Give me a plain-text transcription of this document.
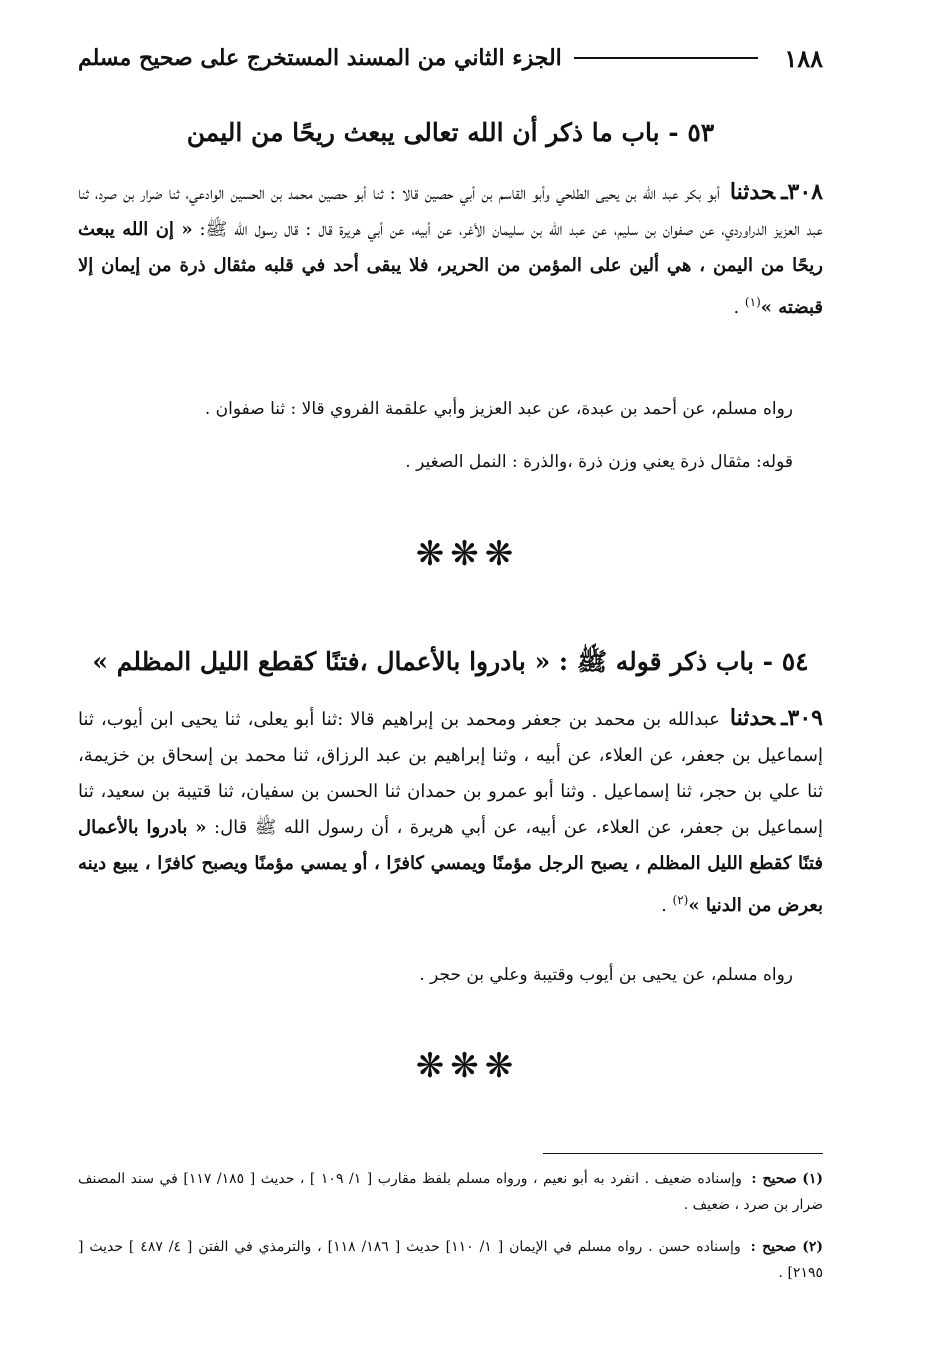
١٨٨
الجزء الثاني من المسند المستخرج على صحيح مسلم
٥٣ - باب ما ذكر أن الله تعالى يبعث ريحًا من اليمن
٣٠٨ـحدثناأبو بكر عبد الله بن يحيى الطلحي وأبو القاسم بن أبي حصين قالا : ثنا أبو حصين محمد بن الحسين الوادعي، ثنا ضرار بن صرد، ثنا عبد العزيز الدراوردي، عن صفوان بن سليم، عن عبد الله بن سليمان الأغر، عن أبيه، عن أبي هريرة قال : قال رسول الله ﷺ: « إن الله يبعث ريحًا من اليمن ، هي ألين على المؤمن من الحرير، فلا يبقى أحد في قلبه مثقال ذرة من إيمان إلا قبضته »$^{(١)}$ .
رواه مسلم، عن أحمد بن عبدة، عن عبد العزيز وأبي علقمة الفروي قالا : ثنا صفوان .
قوله: مثقال ذرة يعني وزن ذرة ،والذرة : النمل الصغير .
❋❋❋
٥٤ - باب ذكر قوله ﷺ : « بادروا بالأعمال ،فتنًا كقطع الليل المظلم »
٣٠٩ـحدثناعبدالله بن محمد بن جعفر ومحمد بن إبراهيم قالا :ثنا أبو يعلى، ثنا يحيى ابن أيوب، ثنا إسماعيل بن جعفر، عن العلاء، عن أبيه ، وثنا إبراهيم بن عبد الرزاق، ثنا محمد بن إسحاق بن خزيمة، ثنا علي بن حجر، ثنا إسماعيل . وثنا أبو عمرو بن حمدان ثنا الحسن بن سفيان، ثنا قتيبة بن سعيد، ثنا إسماعيل بن جعفر، عن العلاء، عن أبيه، عن أبي هريرة ، أن رسول الله ﷺ قال: « بادروا بالأعمال فتنًا كقطع الليل المظلم ، يصبح الرجل مؤمنًا ويمسي كافرًا ، أو يمسي مؤمنًا ويصبح كافرًا ، يبيع دينه بعرض من الدنيا »$^{(٢)}$ .
رواه مسلم، عن يحيى بن أيوب وقتيبة وعلي بن حجر .
❋❋❋
(١) صحيح : وإسناده ضعيف . انفرد به أبو نعيم ، ورواه مسلم بلفظ مقارب [ ١/ ١٠٩ ] ، حديث [ ١٨٥/ ١١٧] في سند المصنف ضرار بن صرد ، ضعيف .
(٢) صحيح : وإسناده حسن . رواه مسلم في الإيمان [ ١/ ١١٠] حديث [ ١٨٦/ ١١٨] ، والترمذي في الفتن [ ٤/ ٤٨٧ ] حديث [ ٢١٩٥] .
